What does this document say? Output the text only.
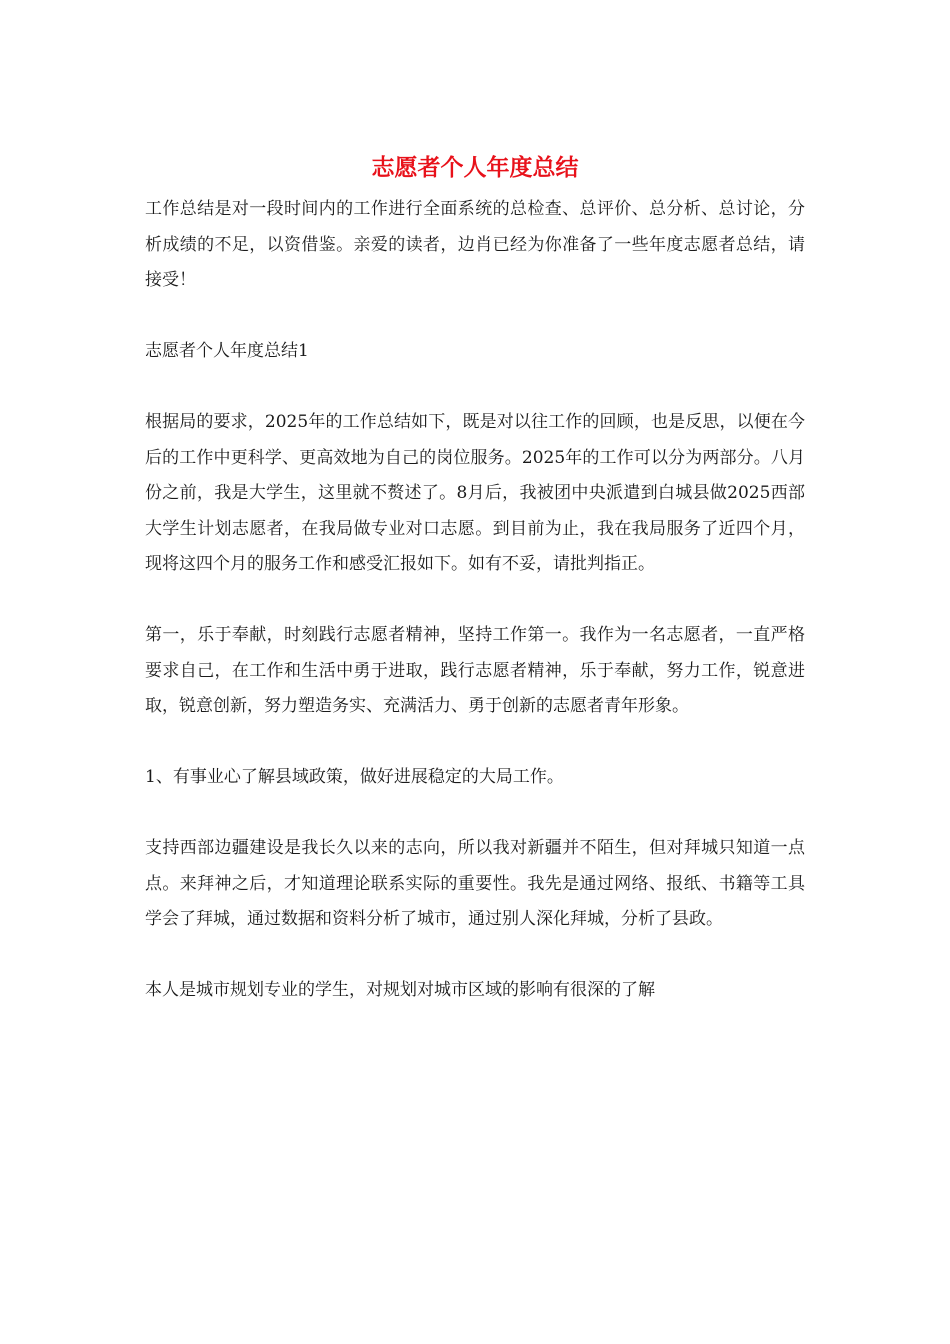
志愿者个人年度总结

工作总结是对一段时间内的工作进行全面系统的总检查、总评价、总分析、总讨论，分析成绩的不足，以资借鉴。亲爱的读者，边肖已经为你准备了一些年度志愿者总结，请接受！

志愿者个人年度总结1

根据局的要求，2025年的工作总结如下，既是对以往工作的回顾，也是反思，以便在今后的工作中更科学、更高效地为自己的岗位服务。2025年的工作可以分为两部分。八月份之前，我是大学生，这里就不赘述了。8月后，我被团中央派遣到白城县做2025西部大学生计划志愿者，在我局做专业对口志愿。到目前为止，我在我局服务了近四个月，现将这四个月的服务工作和感受汇报如下。如有不妥，请批判指正。

第一，乐于奉献，时刻践行志愿者精神，坚持工作第一。我作为一名志愿者，一直严格要求自己，在工作和生活中勇于进取，践行志愿者精神，乐于奉献，努力工作，锐意进取，锐意创新，努力塑造务实、充满活力、勇于创新的志愿者青年形象。

1、有事业心了解县域政策，做好进展稳定的大局工作。

支持西部边疆建设是我长久以来的志向，所以我对新疆并不陌生，但对拜城只知道一点点。来拜神之后，才知道理论联系实际的重要性。我先是通过网络、报纸、书籍等工具学会了拜城，通过数据和资料分析了城市，通过别人深化拜城，分析了县政。

本人是城市规划专业的学生，对规划对城市区域的影响有很深的了解
